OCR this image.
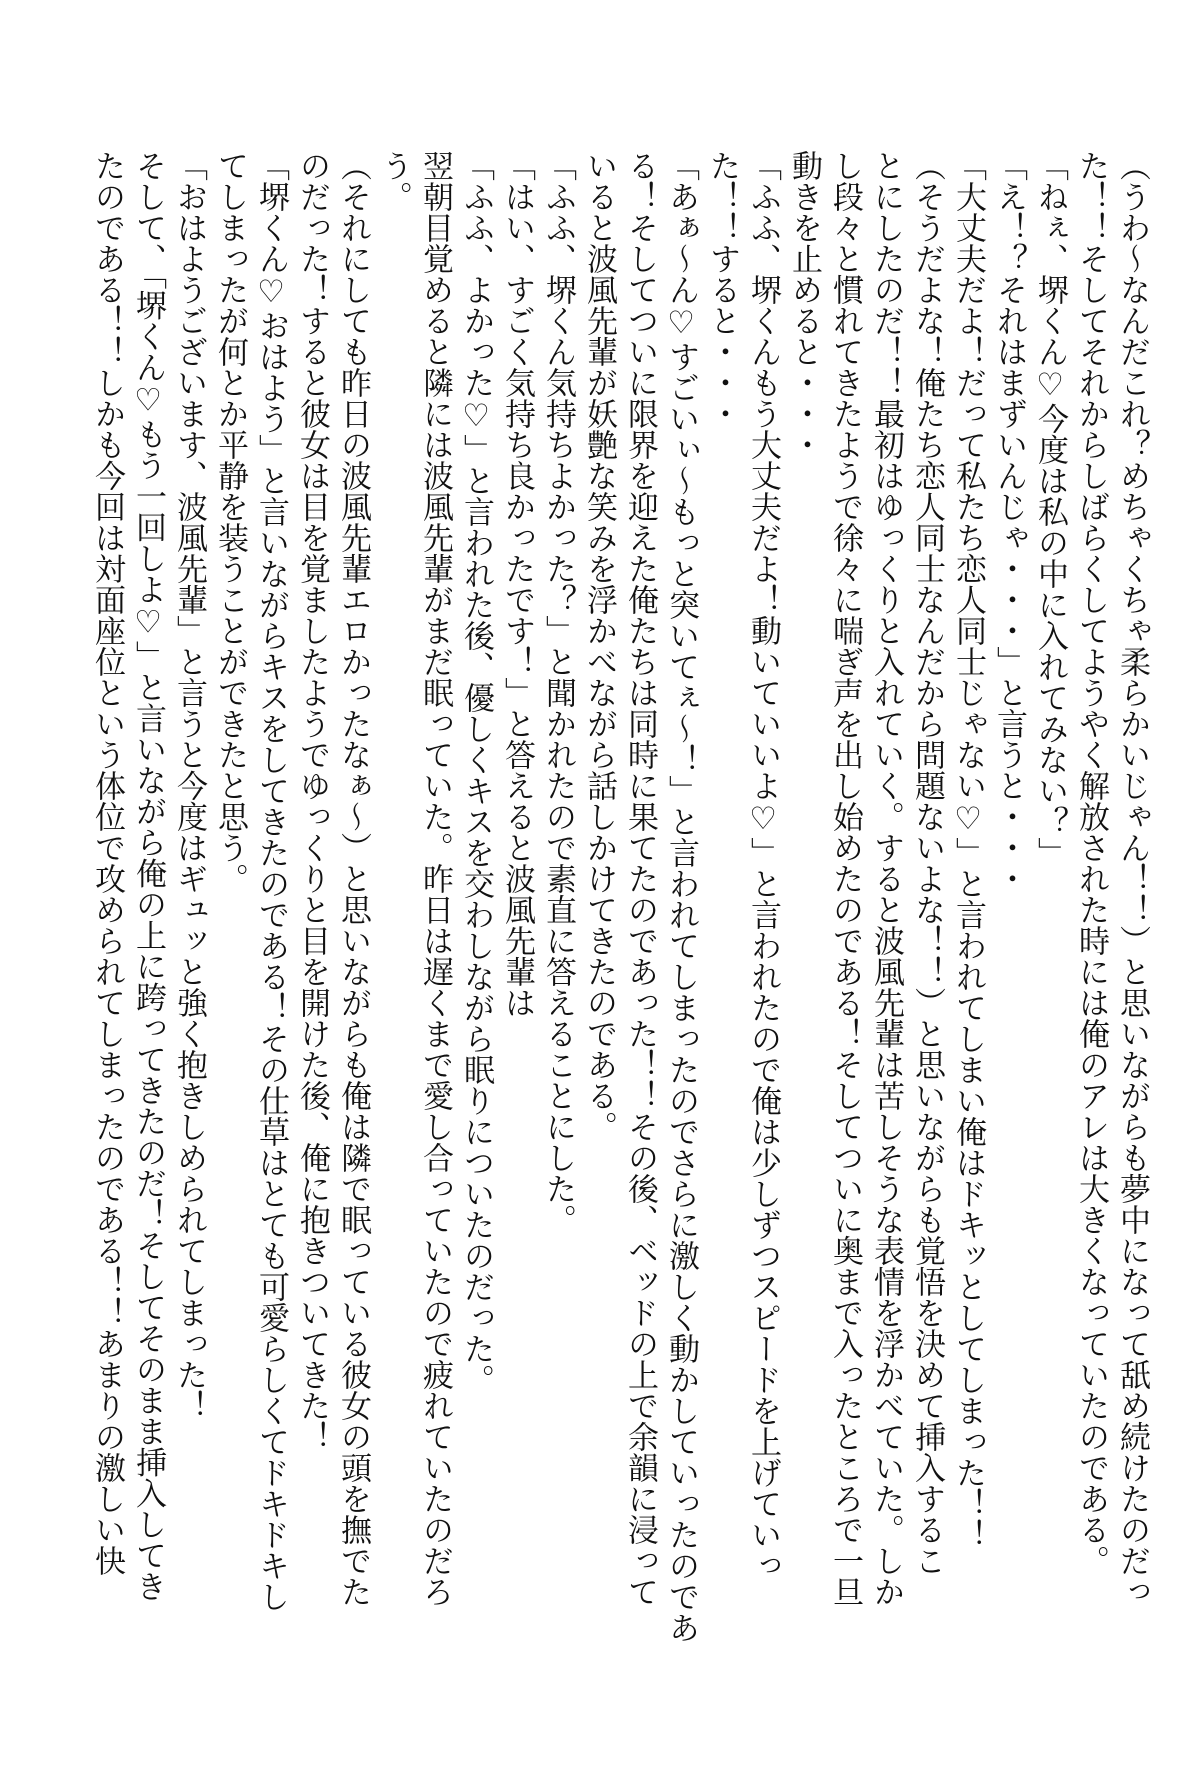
（うわ～なんだこれ？めちゃくちゃ柔らかいじゃん！！）と思いながらも夢中になって舐め続けたのだっ
た！！そしてそれからしばらくしてようやく解放された時には俺のアレは大きくなっていたのである。
「ねぇ、堺くん♡今度は私の中に入れてみない？」
「え！？それはまずいんじゃ・・・」と言うと・・・
「大丈夫だよ！だって私たち恋人同士じゃない♡」と言われてしまい俺はドキッとしてしまった！！
（そうだよな！俺たち恋人同士なんだから問題ないよな！！）と思いながらも覚悟を決めて挿入するこ
とにしたのだ！！最初はゆっくりと入れていく。すると波風先輩は苦しそうな表情を浮かべていた。しか
し段々と慣れてきたようで徐々に喘ぎ声を出し始めたのである！そしてついに奥まで入ったところで一旦
動きを止めると・・・
「ふふ、堺くんもう大丈夫だよ！動いていいよ♡」と言われたので俺は少しずつスピードを上げていっ
た！！すると・・・
「あぁ～ん♡すごいぃ～もっと突いてぇ～！」と言われてしまったのでさらに激しく動かしていったのであ
る！そしてついに限界を迎えた俺たちは同時に果てたのであった！！その後、ベッドの上で余韻に浸って
いると波風先輩が妖艶な笑みを浮かべながら話しかけてきたのである。
「ふふ、堺くん気持ちよかった？」と聞かれたので素直に答えることにした。
「はい、すごく気持ち良かったです！」と答えると波風先輩は
「ふふ、よかった♡」と言われた後、優しくキスを交わしながら眠りについたのだった。
翌朝目覚めると隣には波風先輩がまだ眠っていた。昨日は遅くまで愛し合っていたので疲れていたのだろ
う。
（それにしても昨日の波風先輩エロかったなぁ～）と思いながらも俺は隣で眠っている彼女の頭を撫でた
のだった！すると彼女は目を覚ましたようでゆっくりと目を開けた後、俺に抱きついてきた！
「堺くん♡おはよう」と言いながらキスをしてきたのである！その仕草はとても可愛らしくてドキドキし
てしまったが何とか平静を装うことができたと思う。
「おはようございます、波風先輩」と言うと今度はギュッと強く抱きしめられてしまった！
そして、「堺くん♡もう一回しよ♡」と言いながら俺の上に跨ってきたのだ！そしてそのまま挿入してき
たのである！！しかも今回は対面座位という体位で攻められてしまったのである！！あまりの激しい快
